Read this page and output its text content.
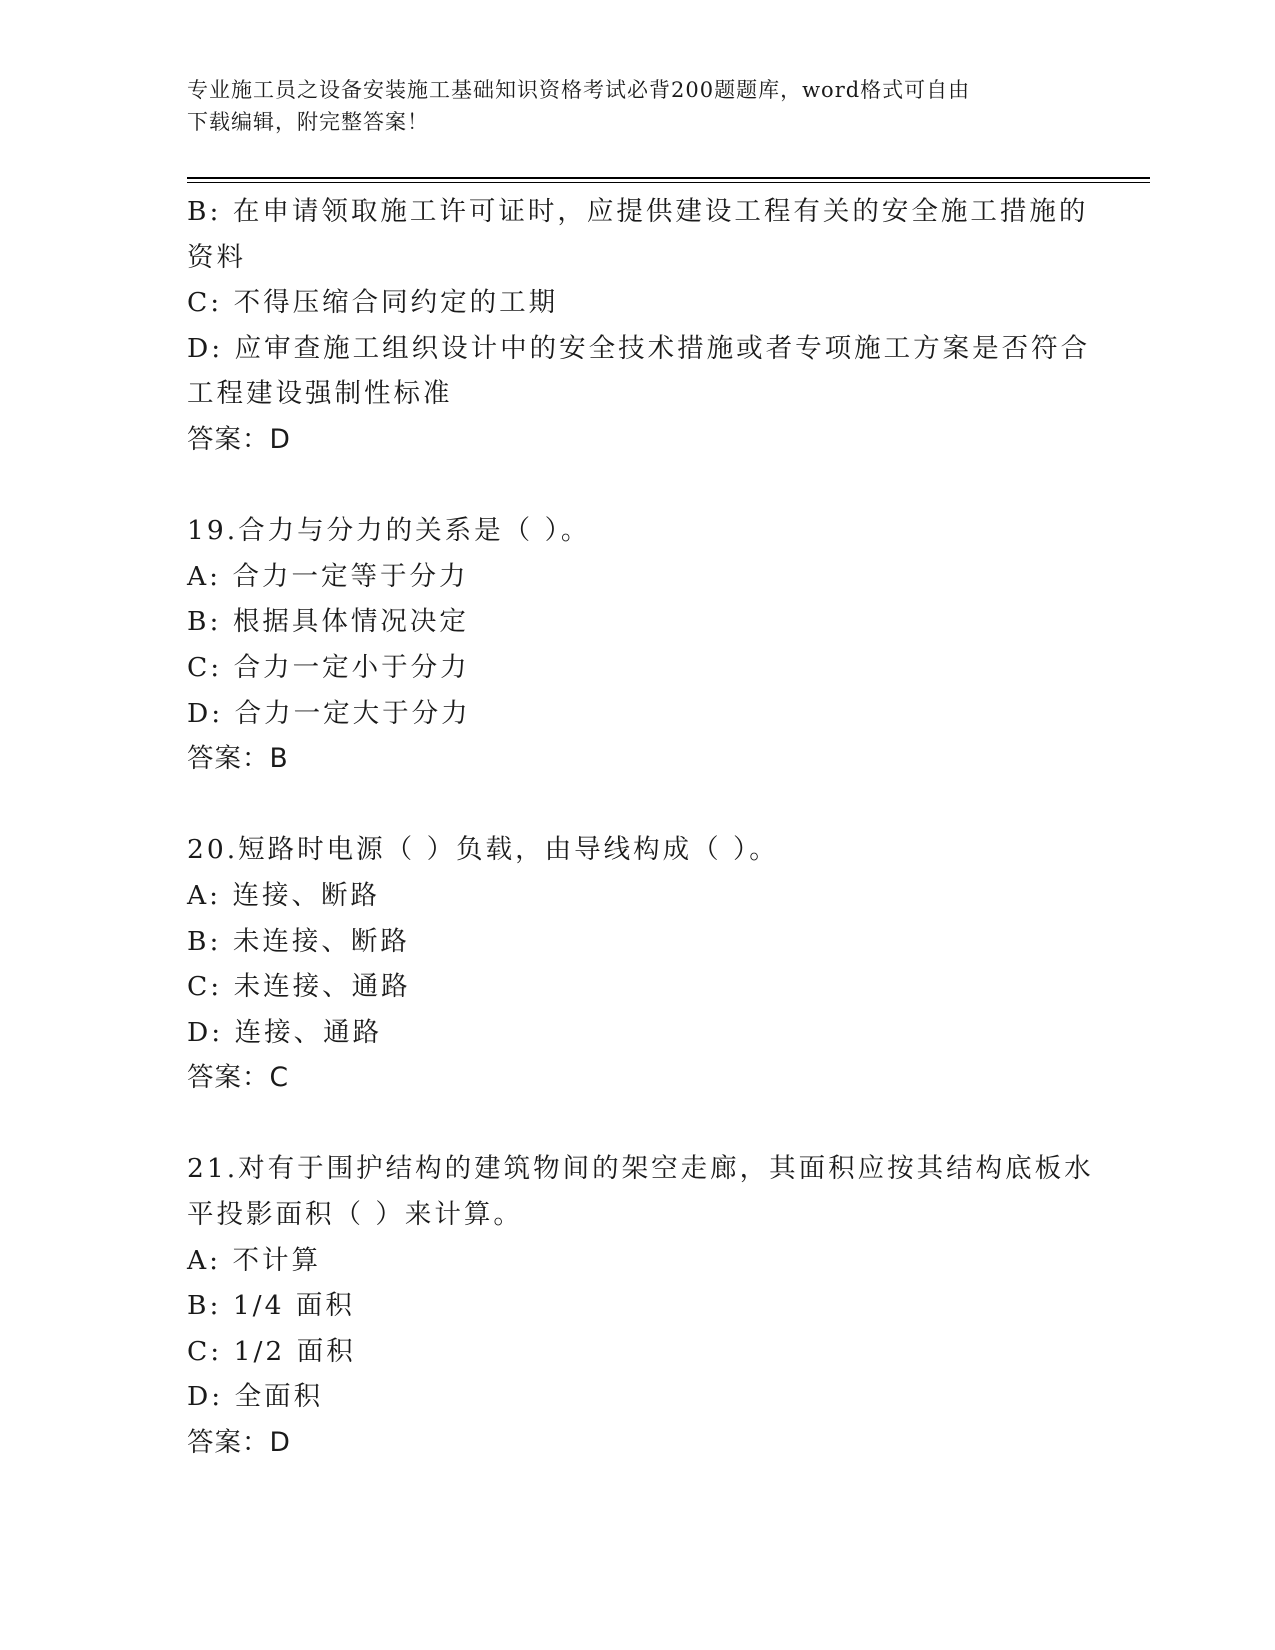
专业施工员之设备安装施工基础知识资格考试必背200题题库，word格式可自由
下载编辑，附完整答案！
B: 在申请领取施工许可证时，应提供建设工程有关的安全施工措施的
资料
C: 不得压缩合同约定的工期
D: 应审查施工组织设计中的安全技术措施或者专项施工方案是否符合
工程建设强制性标准
答案：D
19.合力与分力的关系是（ ）。
A: 合力一定等于分力
B: 根据具体情况决定
C: 合力一定小于分力
D: 合力一定大于分力
答案：B
20.短路时电源（ ）负载，由导线构成（ ）。
A: 连接、断路
B: 未连接、断路
C: 未连接、通路
D: 连接、通路
答案：C
21.对有于围护结构的建筑物间的架空走廊，其面积应按其结构底板水
平投影面积（ ）来计算。
A: 不计算
B: 1/4 面积
C: 1/2 面积
D: 全面积
答案：D
